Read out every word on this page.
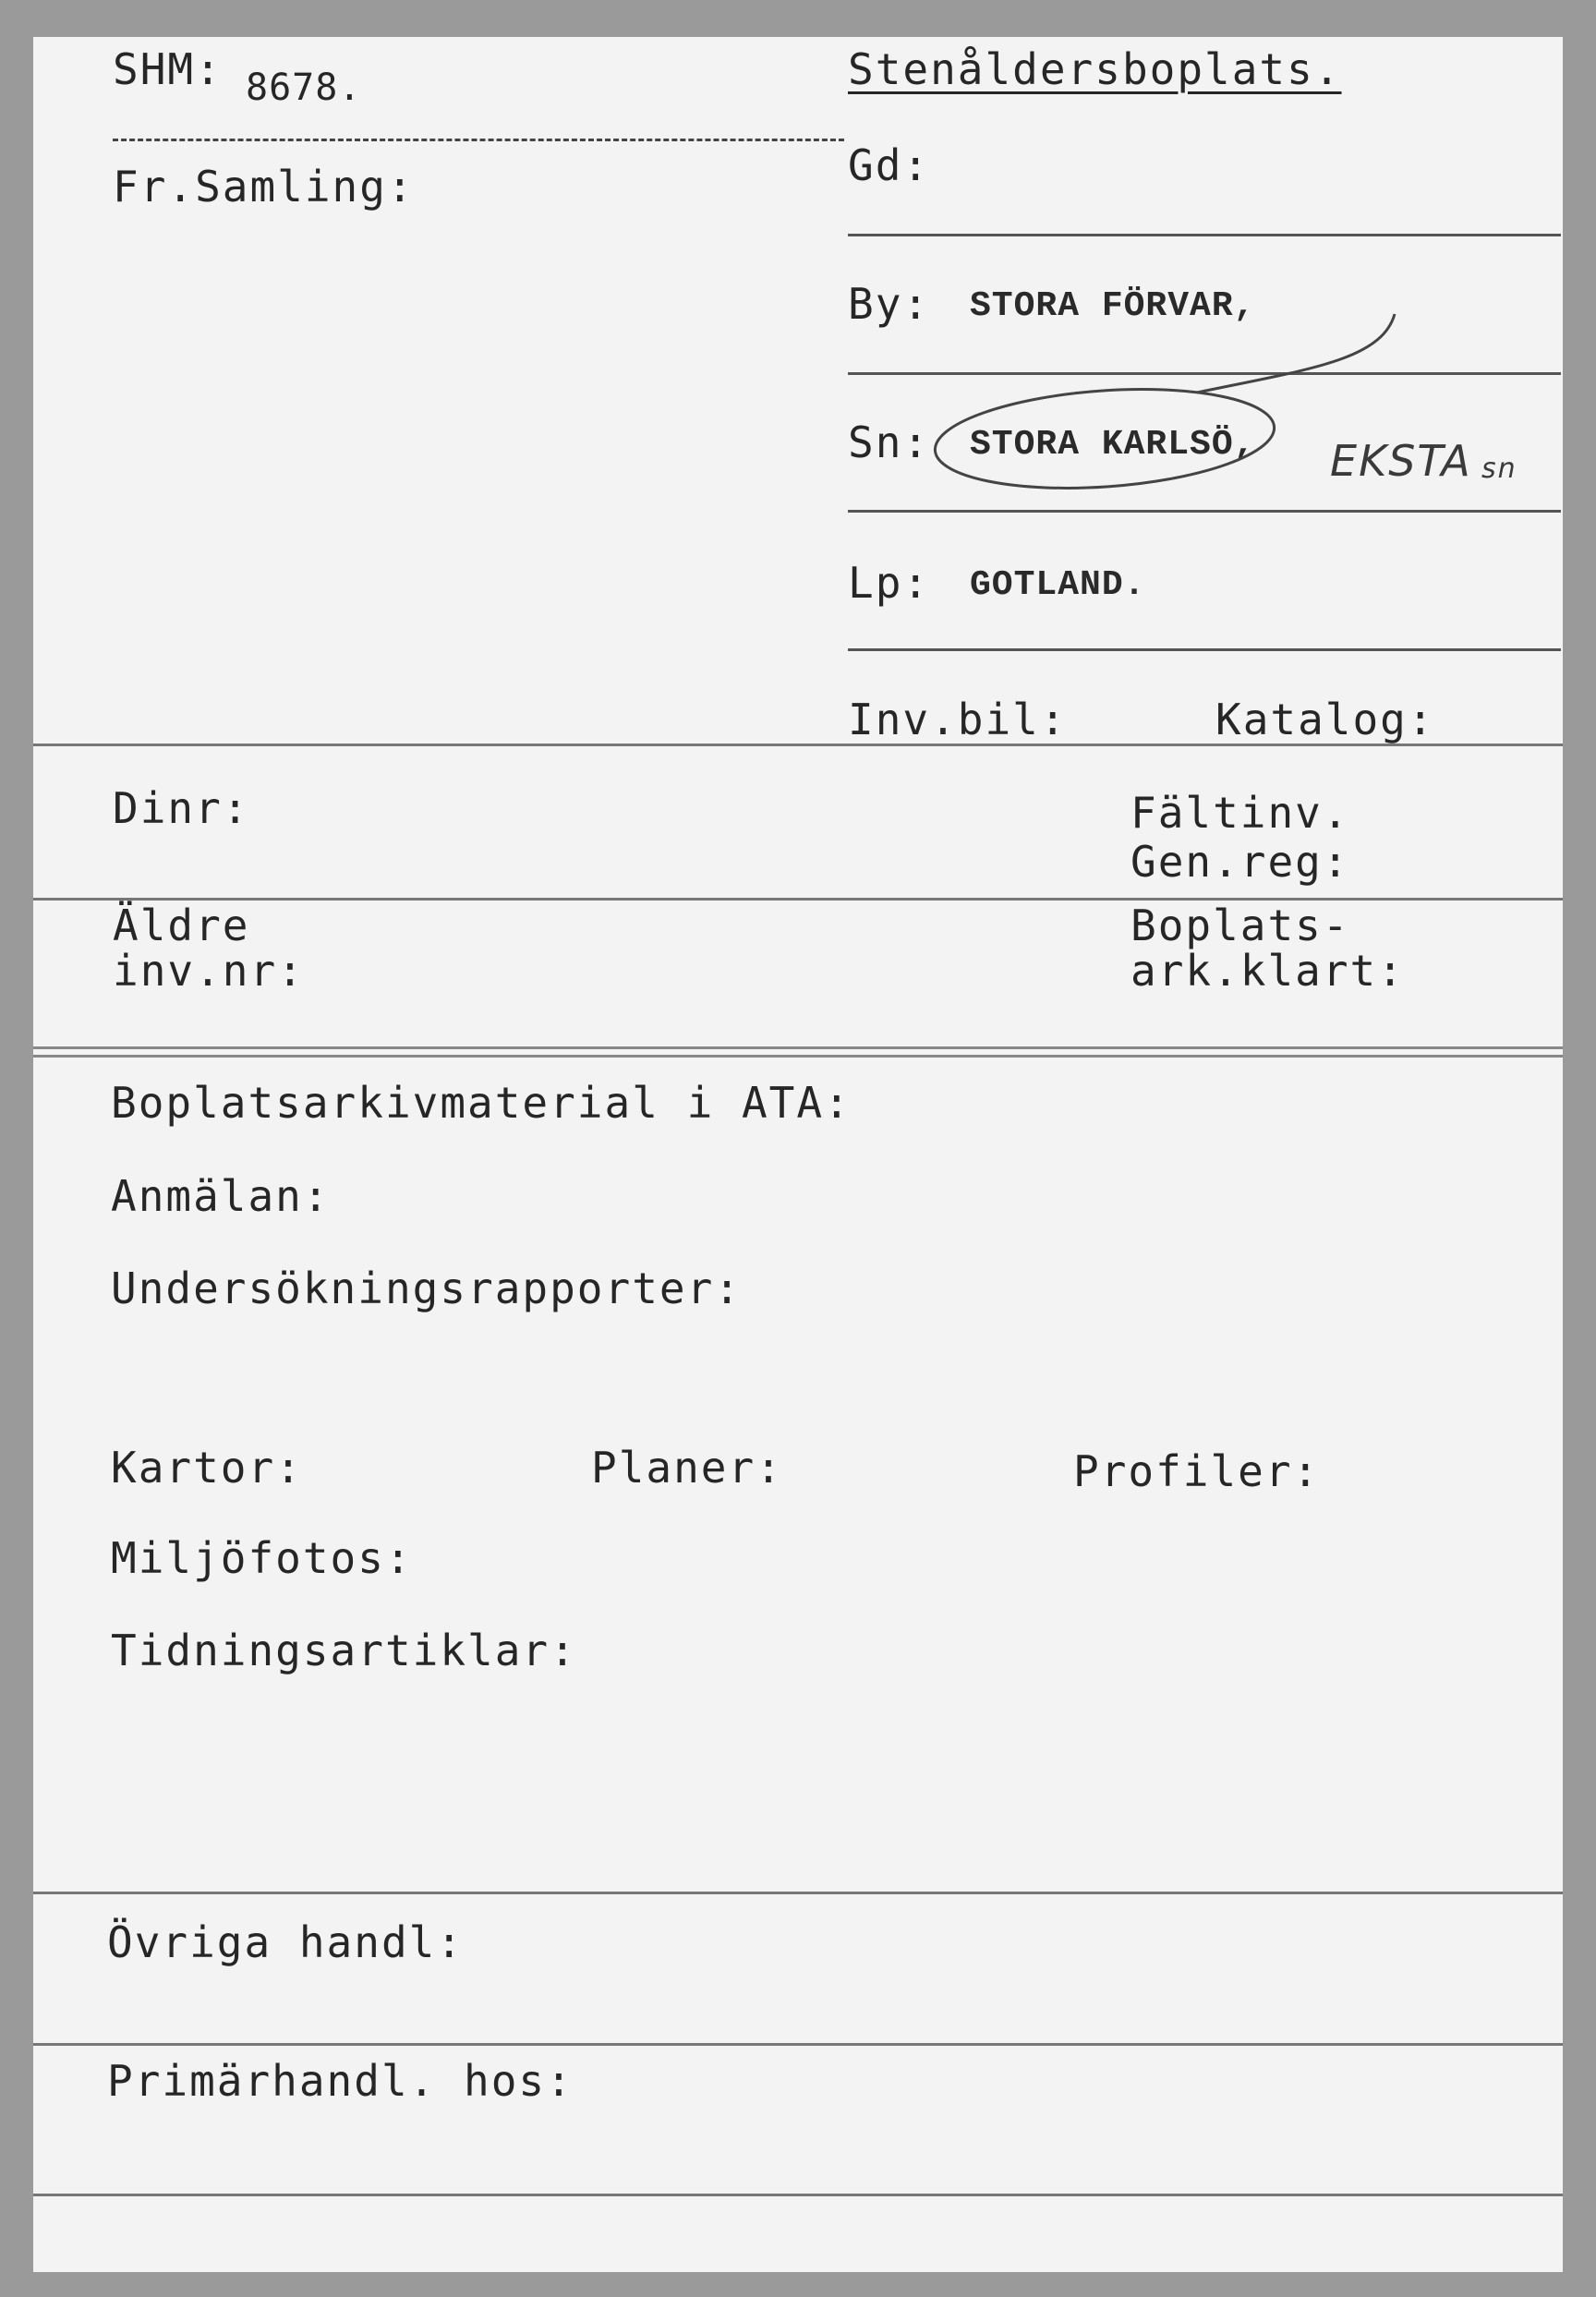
SHM: 8678.
Fr.Samling:
Stenåldersboplats.
Gd:
By: STORA FÖRVAR,
Sn: STORA KARLSÖ, EKSTA sn
Lp: GOTLAND.
Inv.bil:	Katalog:
Dinr:	Fältinv.
Gen.reg:
Äldre
inv.nr:
Boplats-
ark.klart:
Boplatsarkivmaterial i ATA:
Anmälan:
Undersökningsrapporter:
Kartor:	Planer:	Profiler:
Miljöfotos:
Tidningsartiklar:
Övriga handl:
Primärhandl. hos:
